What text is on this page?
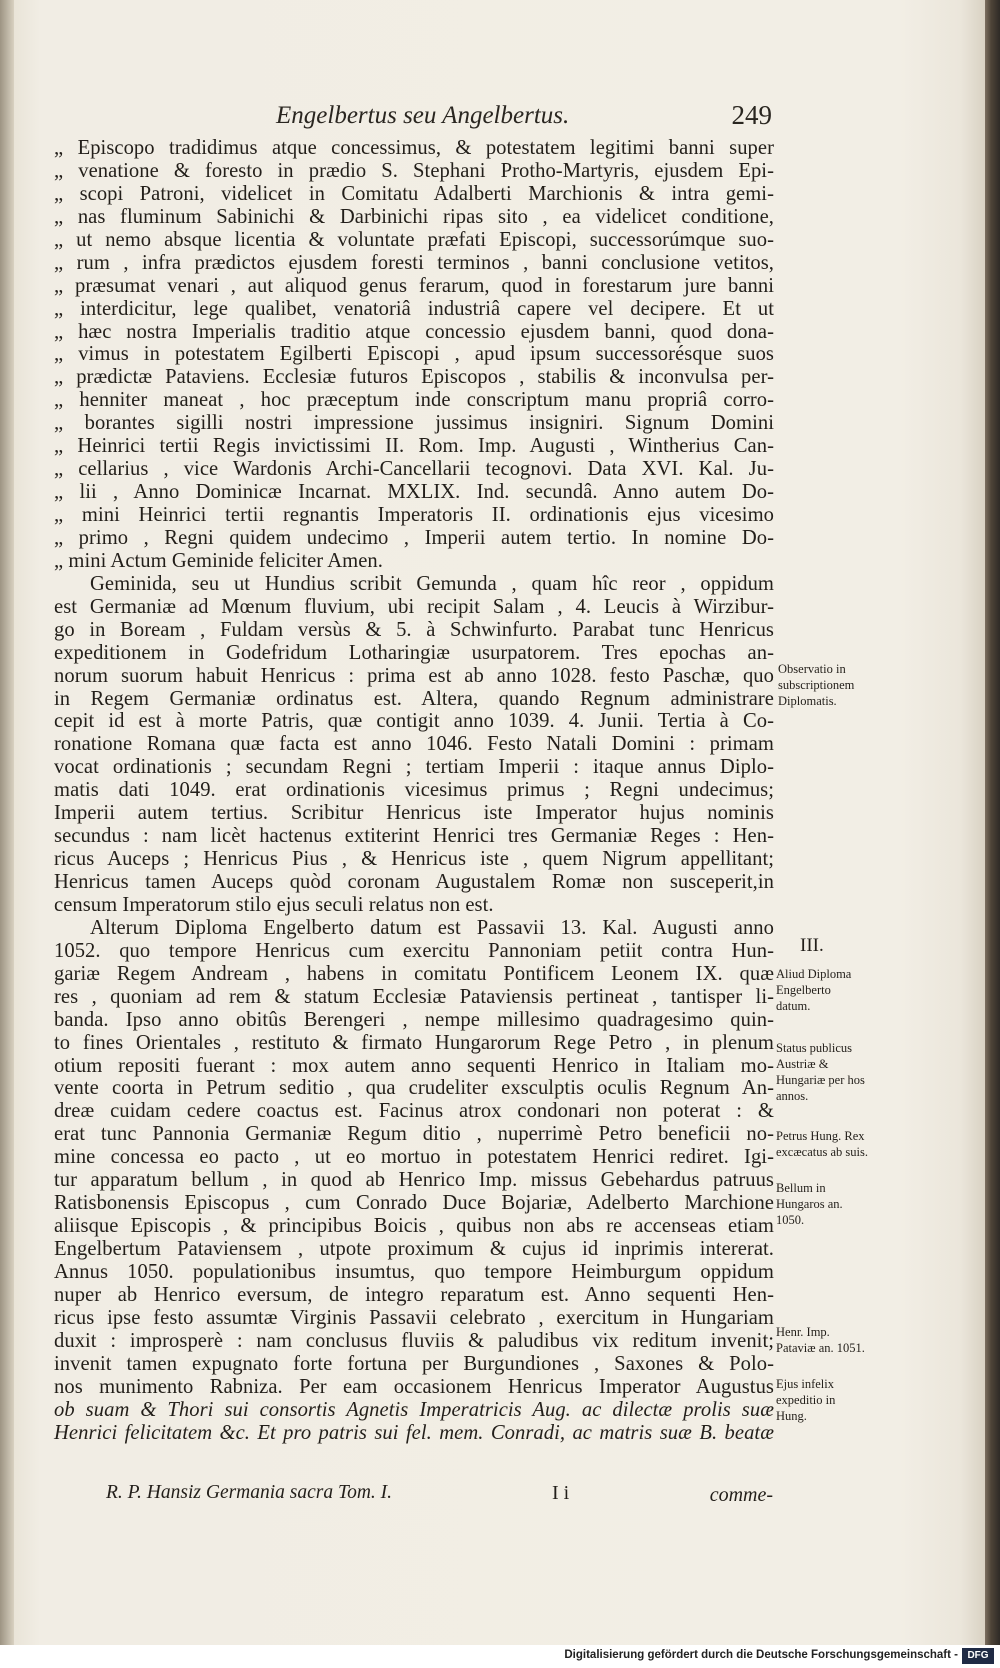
Engelbertus seu Angelbertus.	249
„ Episcopo tradidimus atque concessimus, & potestatem legitimi banni super
„ venatione & foresto in prædio S. Stephani Protho-Martyris, ejusdem Epi-
„ scopi Patroni, videlicet in Comitatu Adalberti Marchionis & intra gemi-
„ nas fluminum Sabinichi & Darbinichi ripas sito , ea videlicet conditione,
„ ut nemo absque licentia & voluntate præfati Episcopi, successorúmque suo-
„ rum , infra prædictos ejusdem foresti terminos , banni conclusione vetitos,
„ præsumat venari , aut aliquod genus ferarum, quod in forestarum jure banni
„ interdicitur, lege qualibet, venatoriâ industriâ capere vel decipere. Et ut
„ hæc nostra Imperialis traditio atque concessio ejusdem banni, quod dona-
„ vimus in potestatem Egilberti Episcopi , apud ipsum successorésque suos
„ prædictæ Pataviens. Ecclesiæ futuros Episcopos , stabilis & inconvulsa per-
„ henniter maneat , hoc præceptum inde conscriptum manu propriâ corro-
„ borantes sigilli nostri impressione jussimus insigniri. Signum Domini
„ Heinrici tertii Regis invictissimi II. Rom. Imp. Augusti , Wintherius Can-
„ cellarius , vice Wardonis Archi-Cancellarii tecognovi. Data XVI. Kal. Ju-
„ lii , Anno Dominicæ Incarnat. MXLIX. Ind. secundâ. Anno autem Do-
„ mini Heinrici tertii regnantis Imperatoris II. ordinationis ejus vicesimo
„ primo , Regni quidem undecimo , Imperii autem tertio. In nomine Do-
„ mini Actum Geminide feliciter Amen.
Geminida, seu ut Hundius scribit Gemunda , quam hîc reor , oppidum
est Germaniæ ad Mœnum fluvium, ubi recipit Salam , 4. Leucis à Wirzibur-
go in Boream , Fuldam versùs & 5. à Schwinfurto. Parabat tunc Henricus
expeditionem in Godefridum Lotharingiæ usurpatorem. Tres epochas an-
norum suorum habuit Henricus : prima est ab anno 1028. festo Paschæ, quo
in Regem Germaniæ ordinatus est. Altera, quando Regnum administrare
cepit id est à morte Patris, quæ contigit anno 1039. 4. Junii. Tertia à Co-
ronatione Romana quæ facta est anno 1046. Festo Natali Domini : primam
vocat ordinationis ; secundam Regni ; tertiam Imperii : itaque annus Diplo-
matis dati 1049. erat ordinationis vicesimus primus ; Regni undecimus;
Imperii autem tertius. Scribitur Henricus iste Imperator hujus nominis
secundus : nam licèt hactenus extiterint Henrici tres Germaniæ Reges : Hen-
ricus Auceps ; Henricus Pius , & Henricus iste , quem Nigrum appellitant;
Henricus tamen Auceps quòd coronam Augustalem Romæ non susceperit,in
censum Imperatorum stilo ejus seculi relatus non est.
Alterum Diploma Engelberto datum est Passavii 13. Kal. Augusti anno
1052. quo tempore Henricus cum exercitu Pannoniam petiit contra Hun-
gariæ Regem Andream , habens in comitatu Pontificem Leonem IX. quæ
res , quoniam ad rem & statum Ecclesiæ Pataviensis pertineat , tantisper li-
banda. Ipso anno obitûs Berengeri , nempe millesimo quadragesimo quin-
to fines Orientales , restituto & firmato Hungarorum Rege Petro , in plenum
otium repositi fuerant : mox autem anno sequenti Henrico in Italiam mo-
vente coorta in Petrum seditio , qua crudeliter exsculptis oculis Regnum An-
dreæ cuidam cedere coactus est. Facinus atrox condonari non poterat : &
erat tunc Pannonia Germaniæ Regum ditio , nuperrimè Petro beneficii no-
mine concessa eo pacto , ut eo mortuo in potestatem Henrici rediret. Igi-
tur apparatum bellum , in quod ab Henrico Imp. missus Gebehardus patruus
Ratisbonensis Episcopus , cum Conrado Duce Bojariæ, Adelberto Marchione
aliisque Episcopis , & principibus Boicis , quibus non abs re accenseas etiam
Engelbertum Pataviensem , utpote proximum & cujus id inprimis intererat.
Annus 1050. populationibus insumtus, quo tempore Heimburgum oppidum
nuper ab Henrico eversum, de integro reparatum est. Anno sequenti Hen-
ricus ipse festo assumtæ Virginis Passavii celebrato , exercitum in Hungariam
duxit : improsperè : nam conclusus fluviis & paludibus vix reditum invenit;
invenit tamen expugnato forte fortuna per Burgundiones , Saxones & Polo-
nos munimento Rabniza. Per eam occasionem Henricus Imperator Augustus
ob suam & Thori sui consortis Agnetis Imperatricis Aug. ac dilectæ prolis suæ
Henrici felicitatem &c. Et pro patris sui fel. mem. Conradi, ac matris suæ B. beatæ
Observatio in subscriptionem Diplomatis.
III.
Aliud Diploma Engelberto datum.
Status publicus Austriæ & Hungariæ per hos annos.
Petrus Hung. Rex excæcatus ab suis.
Bellum in Hungaros an. 1050.
Henr. Imp. Pataviæ an. 1051.
Ejus infelix expeditio in Hung.
R. P. Hansiz Germania sacra Tom. I.	I i	comme-
Digitalisierung gefördert durch die Deutsche Forschungsgemeinschaft - DFG
